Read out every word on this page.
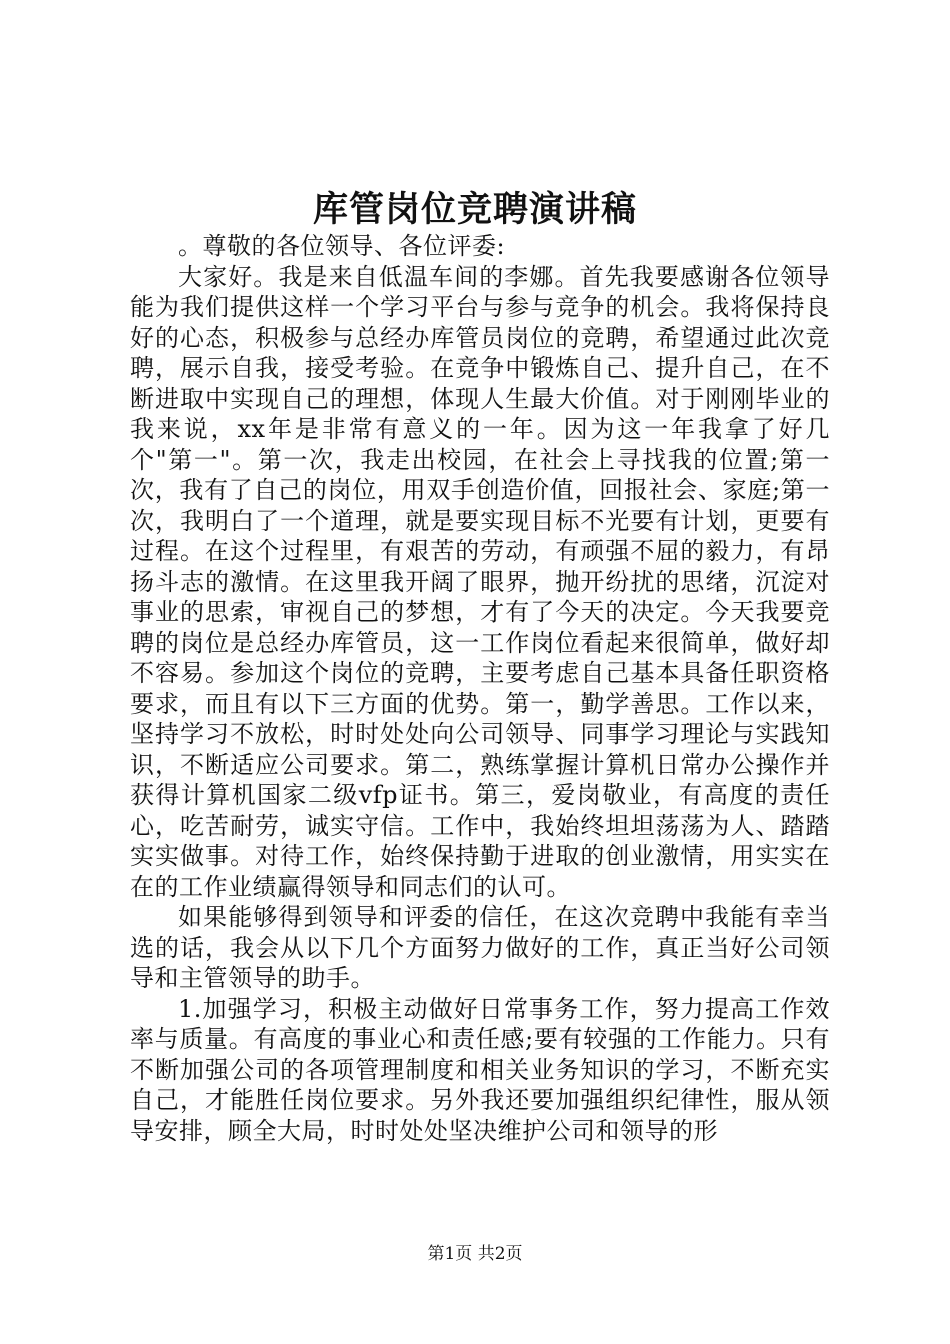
库管岗位竞聘演讲稿

。尊敬的各位领导、各位评委:

大家好。我是来自低温车间的李娜。首先我要感谢各位领导能为我们提供这样一个学习平台与参与竞争的机会。我将保持良好的心态，积极参与总经办库管员岗位的竞聘，希望通过此次竞聘，展示自我，接受考验。在竞争中锻炼自己、提升自己，在不断进取中实现自己的理想，体现人生最大价值。对于刚刚毕业的我来说，xx年是非常有意义的一年。因为这一年我拿了好几个"第一"。第一次，我走出校园，在社会上寻找我的位置;第一次，我有了自己的岗位，用双手创造价值，回报社会、家庭;第一次，我明白了一个道理，就是要实现目标不光要有计划，更要有过程。在这个过程里，有艰苦的劳动，有顽强不屈的毅力，有昂扬斗志的激情。在这里我开阔了眼界，抛开纷扰的思绪，沉淀对事业的思索，审视自己的梦想，才有了今天的决定。今天我要竞聘的岗位是总经办库管员，这一工作岗位看起来很简单，做好却不容易。参加这个岗位的竞聘，主要考虑自己基本具备任职资格要求，而且有以下三方面的优势。第一，勤学善思。工作以来，坚持学习不放松，时时处处向公司领导、同事学习理论与实践知识，不断适应公司要求。第二，熟练掌握计算机日常办公操作并获得计算机国家二级vfp证书。第三，爱岗敬业，有高度的责任心，吃苦耐劳，诚实守信。工作中，我始终坦坦荡荡为人、踏踏实实做事。对待工作，始终保持勤于进取的创业激情，用实实在在的工作业绩赢得领导和同志们的认可。

如果能够得到领导和评委的信任，在这次竞聘中我能有幸当选的话，我会从以下几个方面努力做好的工作，真正当好公司领导和主管领导的助手。

1.加强学习，积极主动做好日常事务工作，努力提高工作效率与质量。有高度的事业心和责任感;要有较强的工作能力。只有不断加强公司的各项管理制度和相关业务知识的学习，不断充实自己，才能胜任岗位要求。另外我还要加强组织纪律性，服从领导安排，顾全大局，时时处处坚决维护公司和领导的形

第1页 共2页
